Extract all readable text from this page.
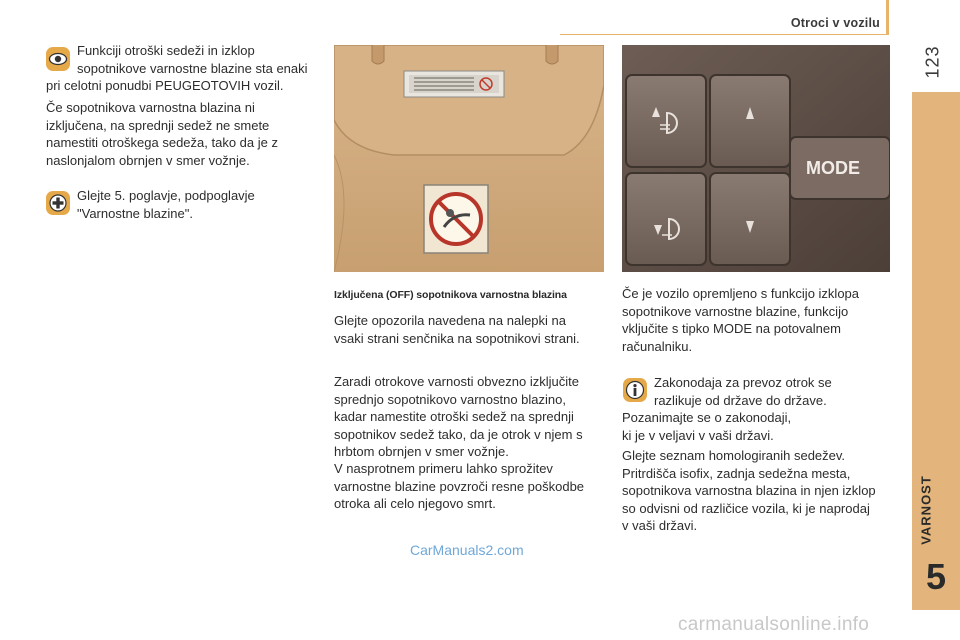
Otroci v vozilu
123
VARNOST
5

Funkciji otroški sedeži in izklop

sopotnikove varnostne blazine sta enaki

pri celotni ponudbi PEUGEOTOVIH vozil.

Če sopotnikova varnostna blazina ni

izključena, na sprednji sedež ne smete

namestiti otroškega sedeža, tako da je z

naslonjalom obrnjen v smer vožnje.

Glejte 5. poglavje, podpoglavje

"Varnostne blazine".

Izključena (OFF) sopotnikova varnostna blazina

Glejte opozorila navedena na nalepki na

vsaki strani senčnika na sopotnikovi strani.

Zaradi otrokove varnosti obvezno izključite

sprednjo sopotnikovo varnostno blazino,

kadar namestite otroški sedež na sprednji

sopotnikov sedež tako, da je otrok v njem s

hrbtom obrnjen v smer vožnje.

V nasprotnem primeru lahko sprožitev

varnostne blazine povzroči resne poškodbe

otroka ali celo njegovo smrt.

MODE

Če je vozilo opremljeno s funkcijo izklopa

sopotnikove varnostne blazine, funkcijo

vključite s tipko MODE na potovalnem

računalniku.

Zakonodaja za prevoz otrok se

razlikuje od države do države.

Pozanimajte se o zakonodaji,

ki je v veljavi v vaši državi.

Glejte seznam homologiranih sedežev.

Pritrdišča isofix, zadnja sedežna mesta,

sopotnikova varnostna blazina in njen izklop

so odvisni od različice vozila, ki je naprodaj

v vaši državi.

CarManuals2.com
carmanualsonline.info
